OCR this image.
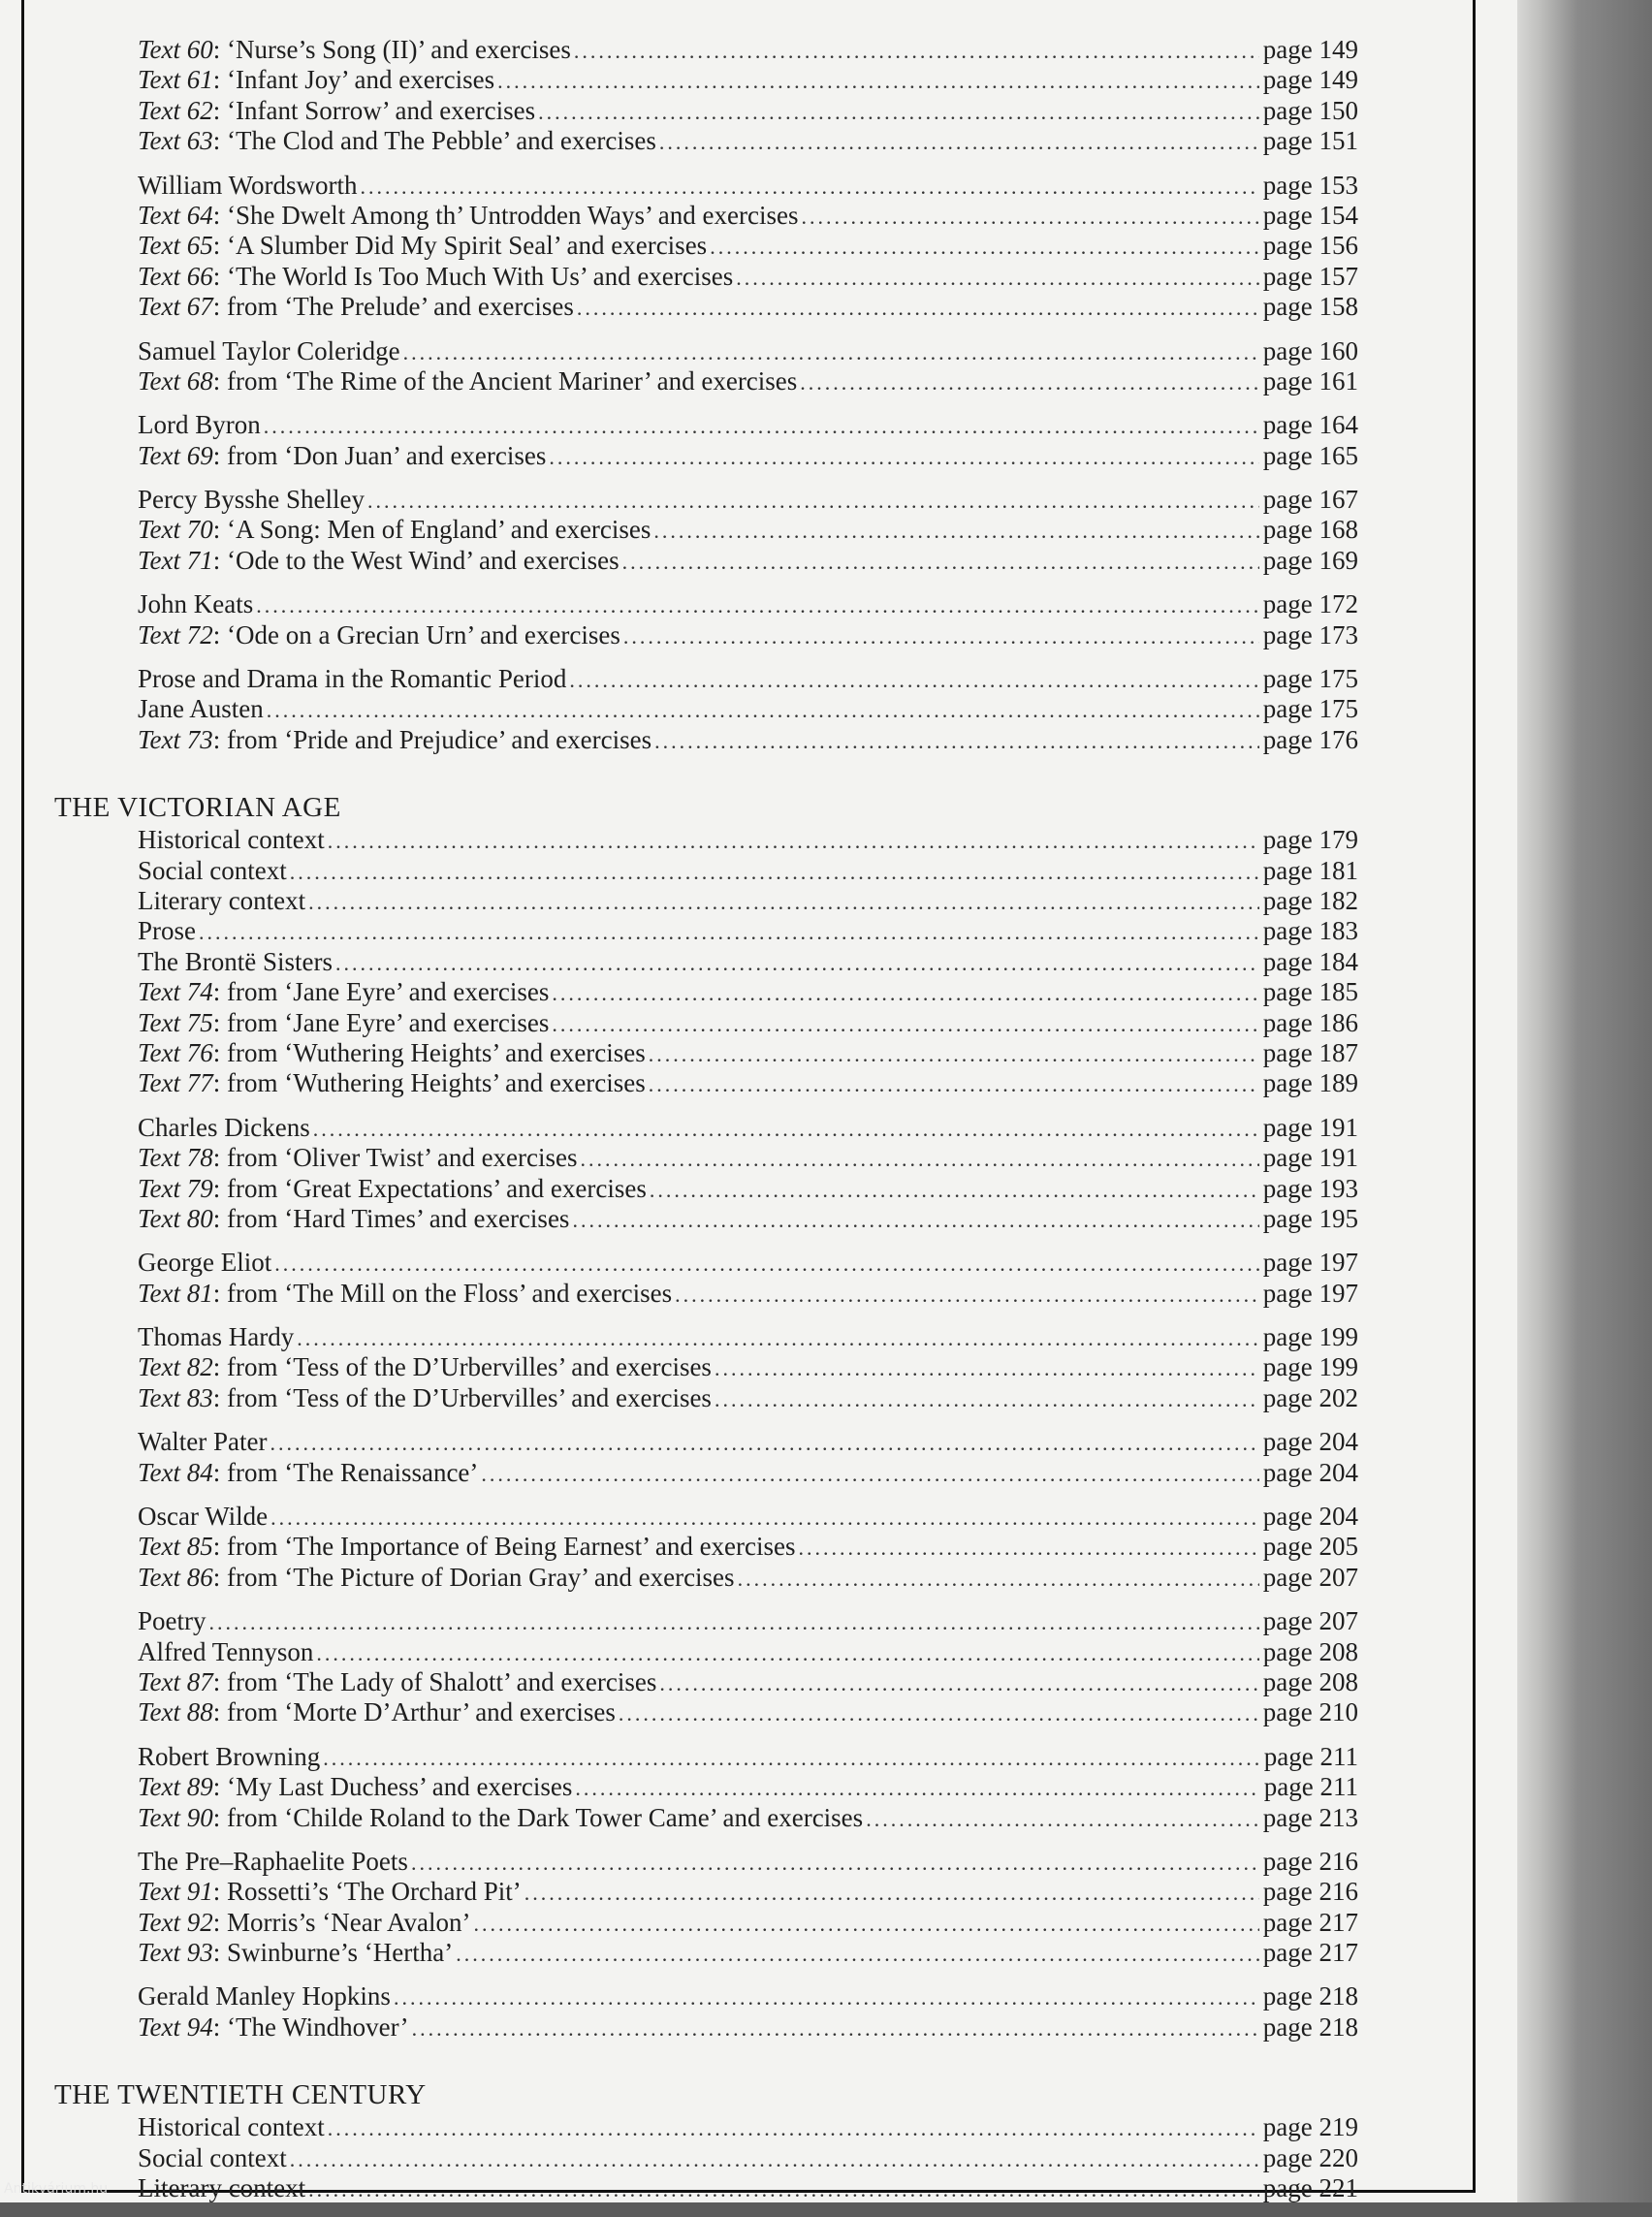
Text 60: ‘Nurse’s Song (II)’ and exercises .....	page 149
Text 61: ‘Infant Joy’ and exercises .....	page 149
Text 62: ‘Infant Sorrow’ and exercises .....	page 150
Text 63: ‘The Clod and The Pebble’ and exercises .....	page 151
William Wordsworth .....	page 153
Text 64: ‘She Dwelt Among th’ Untrodden Ways’ and exercises .....	page 154
Text 65: ‘A Slumber Did My Spirit Seal’ and exercises .....	page 156
Text 66: ‘The World Is Too Much With Us’ and exercises .....	page 157
Text 67: from ‘The Prelude’ and exercises .....	page 158
Samuel Taylor Coleridge .....	page 160
Text 68: from ‘The Rime of the Ancient Mariner’ and exercises .....	page 161
Lord Byron .....	page 164
Text 69: from ‘Don Juan’ and exercises .....	page 165
Percy Bysshe Shelley .....	page 167
Text 70: ‘A Song: Men of England’ and exercises .....	page 168
Text 71: ‘Ode to the West Wind’ and exercises .....	page 169
John Keats .....	page 172
Text 72: ‘Ode on a Grecian Urn’ and exercises .....	page 173
Prose and Drama in the Romantic Period .....	page 175
Jane Austen .....	page 175
Text 73: from ‘Pride and Prejudice’ and exercises .....	page 176
THE VICTORIAN AGE
Historical context .....	page 179
Social context .....	page 181
Literary context .....	page 182
Prose .....	page 183
The Brontë Sisters .....	page 184
Text 74: from ‘Jane Eyre’ and exercises .....	page 185
Text 75: from ‘Jane Eyre’ and exercises .....	page 186
Text 76: from ‘Wuthering Heights’ and exercises .....	page 187
Text 77: from ‘Wuthering Heights’ and exercises .....	page 189
Charles Dickens .....	page 191
Text 78: from ‘Oliver Twist’ and exercises .....	page 191
Text 79: from ‘Great Expectations’ and exercises .....	page 193
Text 80: from ‘Hard Times’ and exercises .....	page 195
George Eliot .....	page 197
Text 81: from ‘The Mill on the Floss’ and exercises .....	page 197
Thomas Hardy .....	page 199
Text 82: from ‘Tess of the D’Urbervilles’ and exercises .....	page 199
Text 83: from ‘Tess of the D’Urbervilles’ and exercises .....	page 202
Walter Pater .....	page 204
Text 84: from ‘The Renaissance’ .....	page 204
Oscar Wilde .....	page 204
Text 85: from ‘The Importance of Being Earnest’ and exercises .....	page 205
Text 86: from ‘The Picture of Dorian Gray’ and exercises .....	page 207
Poetry .....	page 207
Alfred Tennyson .....	page 208
Text 87: from ‘The Lady of Shalott’ and exercises .....	page 208
Text 88: from ‘Morte D’Arthur’ and exercises .....	page 210
Robert Browning .....	page 211
Text 89: ‘My Last Duchess’ and exercises .....	page 211
Text 90: from ‘Childe Roland to the Dark Tower Came’ and exercises .....	page 213
The Pre–Raphaelite Poets .....	page 216
Text 91: Rossetti’s ‘The Orchard Pit’ .....	page 216
Text 92: Morris’s ‘Near Avalon’ .....	page 217
Text 93: Swinburne’s ‘Hertha’ .....	page 217
Gerald Manley Hopkins .....	page 218
Text 94: ‘The Windhover’ .....	page 218
THE TWENTIETH CENTURY
Historical context .....	page 219
Social context .....	page 220
Literary context .....	page 221
Antikvárium.hu
